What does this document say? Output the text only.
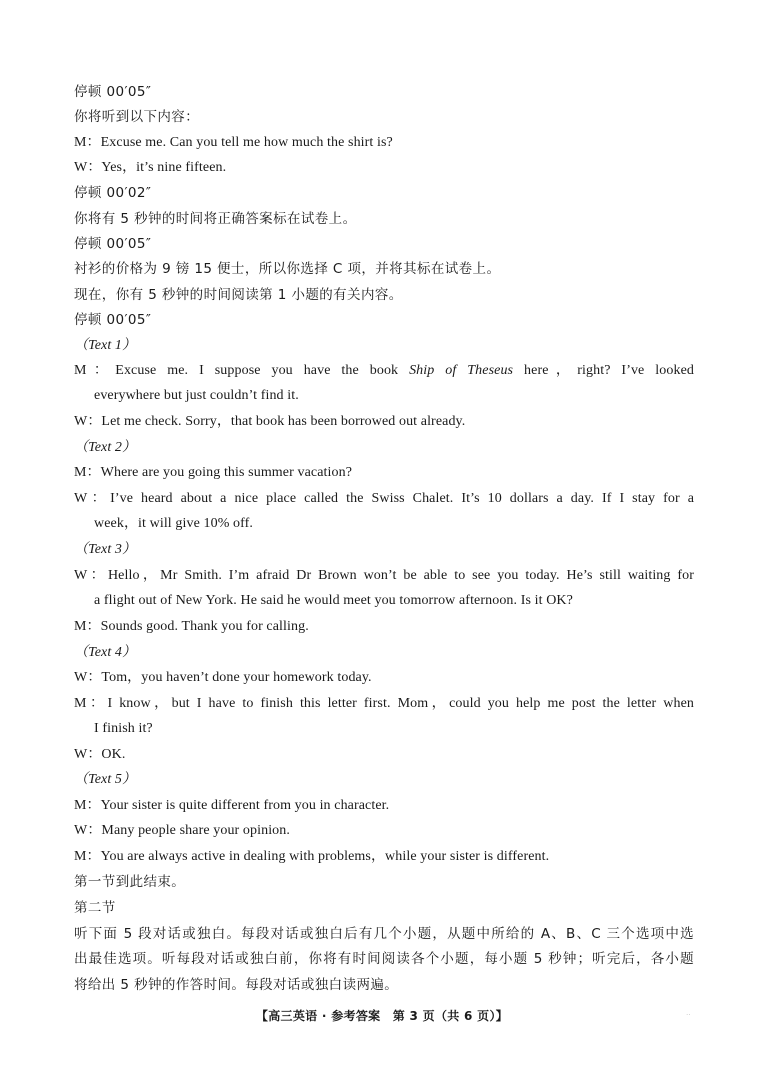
停顿 00′05″
你将听到以下内容：
M：Excuse me. Can you tell me how much the shirt is?
W：Yes，it’s nine fifteen.
停顿 00′02″
你将有 5 秒钟的时间将正确答案标在试卷上。
停顿 00′05″
衬衫的价格为 9 镑 15 便士，所以你选择 C 项，并将其标在试卷上。
现在，你有 5 秒钟的时间阅读第 1 小题的有关内容。
停顿 00′05″
（Text 1）
M：Excuse me. I suppose you have the book Ship of Theseus here，right? I’ve looked
everywhere but just couldn’t find it.
W：Let me check. Sorry，that book has been borrowed out already.
（Text 2）
M：Where are you going this summer vacation?
W：I’ve heard about a nice place called the Swiss Chalet. It’s 10 dollars a day. If I stay for a
week，it will give 10% off.
（Text 3）
W：Hello，Mr Smith. I’m afraid Dr Brown won’t be able to see you today. He’s still waiting for
a flight out of New York. He said he would meet you tomorrow afternoon. Is it OK?
M：Sounds good. Thank you for calling.
（Text 4）
W：Tom，you haven’t done your homework today.
M：I know，but I have to finish this letter first. Mom，could you help me post the letter when
I finish it?
W：OK.
（Text 5）
M：Your sister is quite different from you in character.
W：Many people share your opinion.
M：You are always active in dealing with problems，while your sister is different.
第一节到此结束。
第二节
听下面 5 段对话或独白。每段对话或独白后有几个小题，从题中所给的 A、B、C 三个选项中选
出最佳选项。听每段对话或独白前，你将有时间阅读各个小题，每小题 5 秒钟；听完后，各小题
将给出 5 秒钟的作答时间。每段对话或独白读两遍。
【高三英语 · 参考答案　第 3 页（共 6 页）】	··
